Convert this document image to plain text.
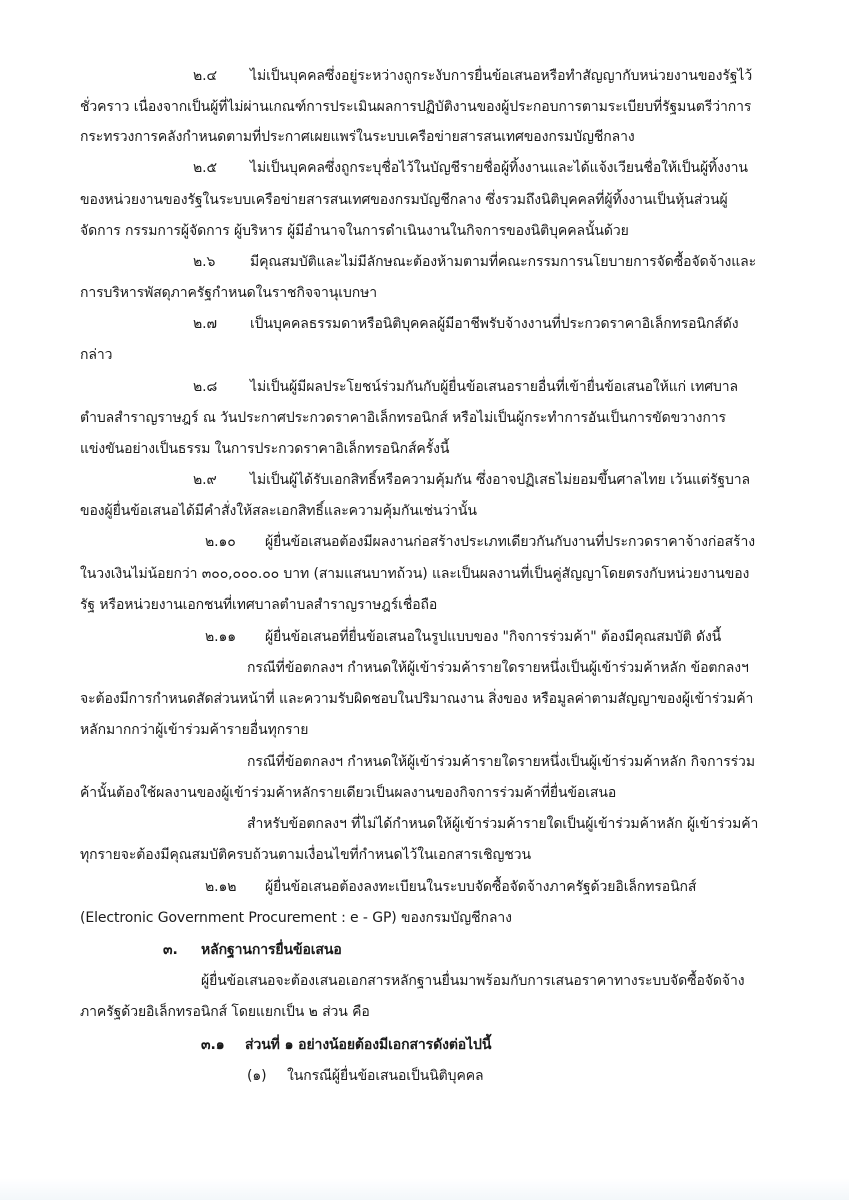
๒.๔ ไม่เป็นบุคคลซึ่งอยู่ระหว่างถูกระงับการยื่นข้อเสนอหรือทำสัญญากับหน่วยงานของรัฐไว้
ชั่วคราว เนื่องจากเป็นผู้ที่ไม่ผ่านเกณฑ์การประเมินผลการปฏิบัติงานของผู้ประกอบการตามระเบียบที่รัฐมนตรีว่าการ
กระทรวงการคลังกำหนดตามที่ประกาศเผยแพร่ในระบบเครือข่ายสารสนเทศของกรมบัญชีกลาง
๒.๕ ไม่เป็นบุคคลซึ่งถูกระบุชื่อไว้ในบัญชีรายชื่อผู้ทิ้งงานและได้แจ้งเวียนชื่อให้เป็นผู้ทิ้งงาน
ของหน่วยงานของรัฐในระบบเครือข่ายสารสนเทศของกรมบัญชีกลาง ซึ่งรวมถึงนิติบุคคลที่ผู้ทิ้งงานเป็นหุ้นส่วนผู้
จัดการ กรรมการผู้จัดการ ผู้บริหาร ผู้มีอำนาจในการดำเนินงานในกิจการของนิติบุคคลนั้นด้วย
๒.๖ มีคุณสมบัติและไม่มีลักษณะต้องห้ามตามที่คณะกรรมการนโยบายการจัดซื้อจัดจ้างและ
การบริหารพัสดุภาครัฐกำหนดในราชกิจจานุเบกษา
๒.๗ เป็นบุคคลธรรมดาหรือนิติบุคคลผู้มีอาชีพรับจ้างงานที่ประกวดราคาอิเล็กทรอนิกส์ดัง
กล่าว
๒.๘ ไม่เป็นผู้มีผลประโยชน์ร่วมกันกับผู้ยื่นข้อเสนอรายอื่นที่เข้ายื่นข้อเสนอให้แก่ เทศบาล
ตำบลสำราญราษฎร์ ณ วันประกาศประกวดราคาอิเล็กทรอนิกส์ หรือไม่เป็นผู้กระทำการอันเป็นการขัดขวางการ
แข่งขันอย่างเป็นธรรม ในการประกวดราคาอิเล็กทรอนิกส์ครั้งนี้
๒.๙ ไม่เป็นผู้ได้รับเอกสิทธิ์หรือความคุ้มกัน ซึ่งอาจปฏิเสธไม่ยอมขึ้นศาลไทย เว้นแต่รัฐบาล
ของผู้ยื่นข้อเสนอได้มีคำสั่งให้สละเอกสิทธิ์และความคุ้มกันเช่นว่านั้น
๒.๑๐ ผู้ยื่นข้อเสนอต้องมีผลงานก่อสร้างประเภทเดียวกันกับงานที่ประกวดราคาจ้างก่อสร้าง
ในวงเงินไม่น้อยกว่า ๓๐๐,๐๐๐.๐๐ บาท (สามแสนบาทถ้วน) และเป็นผลงานที่เป็นคู่สัญญาโดยตรงกับหน่วยงานของ
รัฐ หรือหน่วยงานเอกชนที่เทศบาลตำบลสำราญราษฎร์เชื่อถือ
๒.๑๑ ผู้ยื่นข้อเสนอที่ยื่นข้อเสนอในรูปแบบของ "กิจการร่วมค้า" ต้องมีคุณสมบัติ ดังนี้
กรณีที่ข้อตกลงฯ กำหนดให้ผู้เข้าร่วมค้ารายใดรายหนึ่งเป็นผู้เข้าร่วมค้าหลัก ข้อตกลงฯ
จะต้องมีการกำหนดสัดส่วนหน้าที่ และความรับผิดชอบในปริมาณงาน สิ่งของ หรือมูลค่าตามสัญญาของผู้เข้าร่วมค้า
หลักมากกว่าผู้เข้าร่วมค้ารายอื่นทุกราย
กรณีที่ข้อตกลงฯ กำหนดให้ผู้เข้าร่วมค้ารายใดรายหนึ่งเป็นผู้เข้าร่วมค้าหลัก กิจการร่วม
ค้านั้นต้องใช้ผลงานของผู้เข้าร่วมค้าหลักรายเดียวเป็นผลงานของกิจการร่วมค้าที่ยื่นข้อเสนอ
สำหรับข้อตกลงฯ ที่ไม่ได้กำหนดให้ผู้เข้าร่วมค้ารายใดเป็นผู้เข้าร่วมค้าหลัก ผู้เข้าร่วมค้า
ทุกรายจะต้องมีคุณสมบัติครบถ้วนตามเงื่อนไขที่กำหนดไว้ในเอกสารเชิญชวน
๒.๑๒ ผู้ยื่นข้อเสนอต้องลงทะเบียนในระบบจัดซื้อจัดจ้างภาครัฐด้วยอิเล็กทรอนิกส์
(Electronic Government Procurement : e - GP) ของกรมบัญชีกลาง
๓. หลักฐานการยื่นข้อเสนอ
ผู้ยื่นข้อเสนอจะต้องเสนอเอกสารหลักฐานยื่นมาพร้อมกับการเสนอราคาทางระบบจัดซื้อจัดจ้าง
ภาครัฐด้วยอิเล็กทรอนิกส์ โดยแยกเป็น ๒ ส่วน คือ
๓.๑ ส่วนที่ ๑ อย่างน้อยต้องมีเอกสารดังต่อไปนี้
(๑) ในกรณีผู้ยื่นข้อเสนอเป็นนิติบุคคล
